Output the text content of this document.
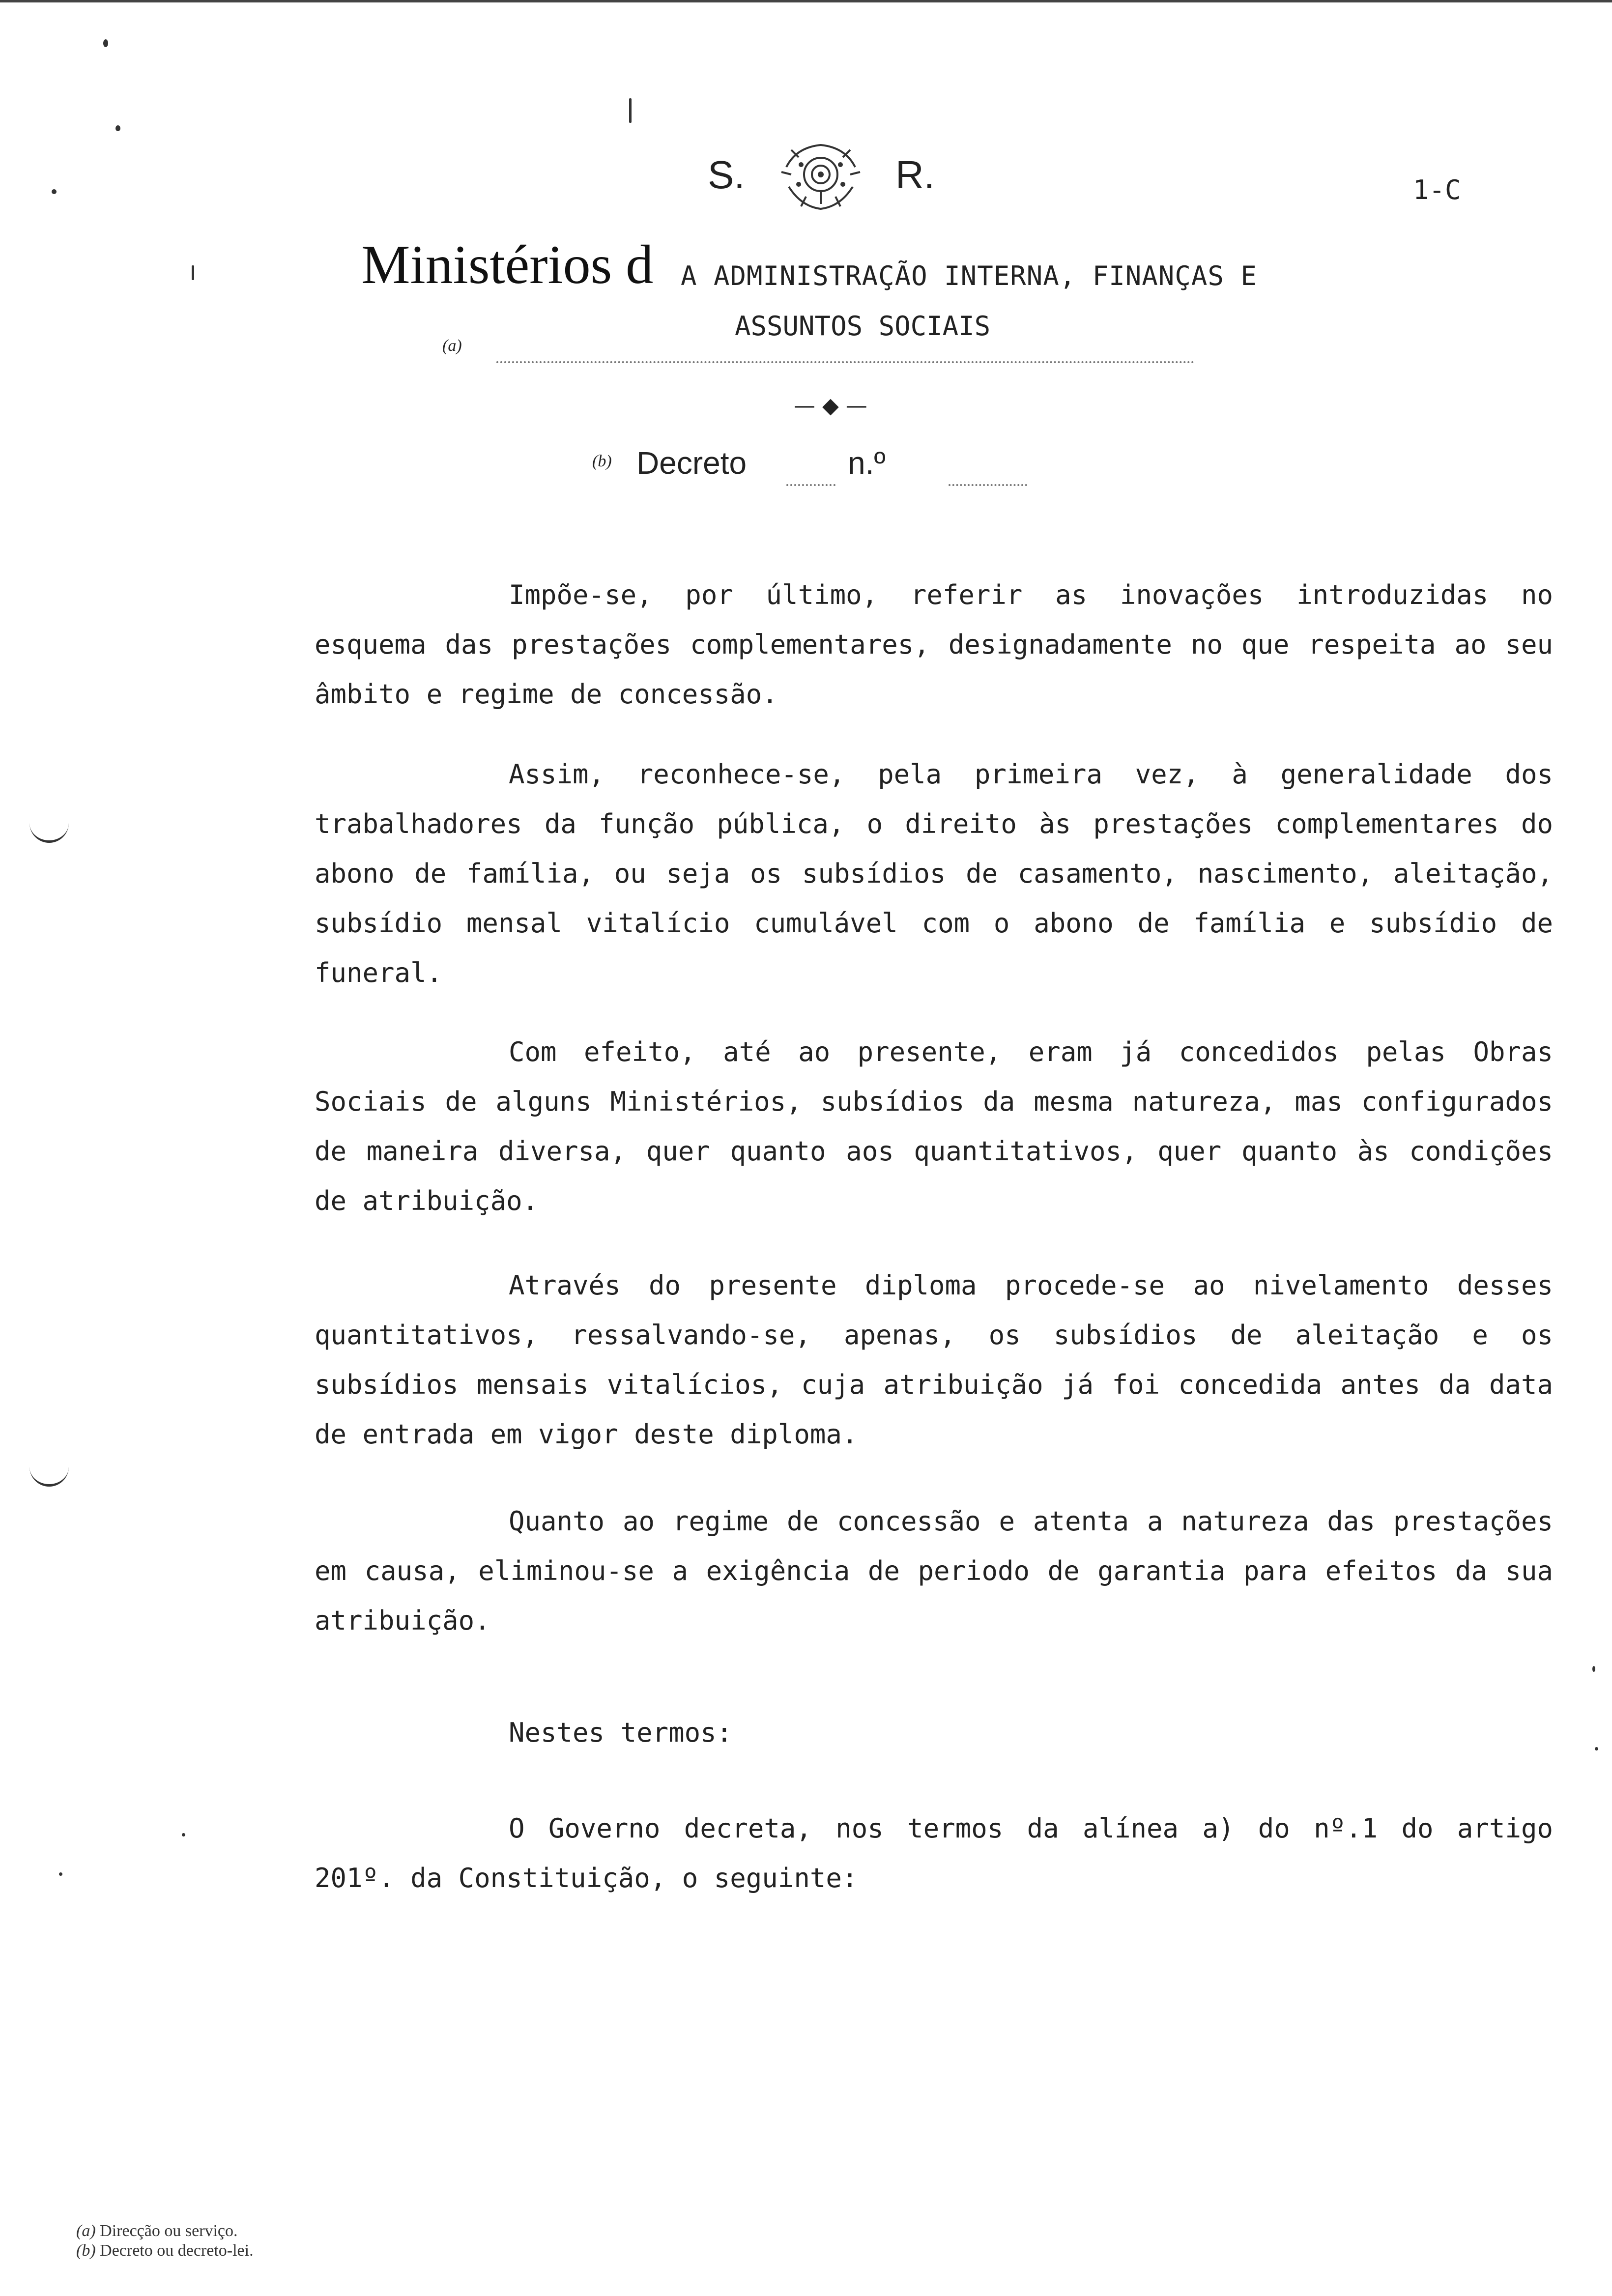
S.	R.	1-C
Ministérios d A ADMINISTRAÇÃO INTERNA, FINANÇAS E
ASSUNTOS SOCIAIS
(a)
— ◆ —
(b) Decreto	n.º

Impõe-se, por último, referir as inovações introduzidas no esquema das prestações complementares, designadamente no que respeita ao seu âmbito e regime de concessão.

Assim, reconhece-se, pela primeira vez, à generalidade dos trabalhadores da função pública, o direito às prestações complementares do abono de família, ou seja os subsídios de casamento, nascimento, aleitação, subsídio mensal vitalício cumulável com o abono de família e subsídio de funeral.

Com efeito, até ao presente, eram já concedidos pelas Obras Sociais de alguns Ministérios, subsídios da mesma natureza, mas configurados de maneira diversa, quer quanto aos quantitativos, quer quanto às condições de atribuição.

Através do presente diploma procede-se ao nivelamento desses quantitativos, ressalvando-se, apenas, os subsídios de aleitação e os subsídios mensais vitalícios, cuja atribuição já foi concedida antes da data de entrada em vigor deste diploma.

Quanto ao regime de concessão e atenta a natureza das prestações em causa, eliminou-se a exigência de periodo de garantia para efeitos da sua atribuição.

Nestes termos:

O Governo decreta, nos termos da alínea a) do nº.1 do artigo 201º. da Constituição, o seguinte:

(a) Direcção ou serviço.
(b) Decreto ou decreto-lei.
